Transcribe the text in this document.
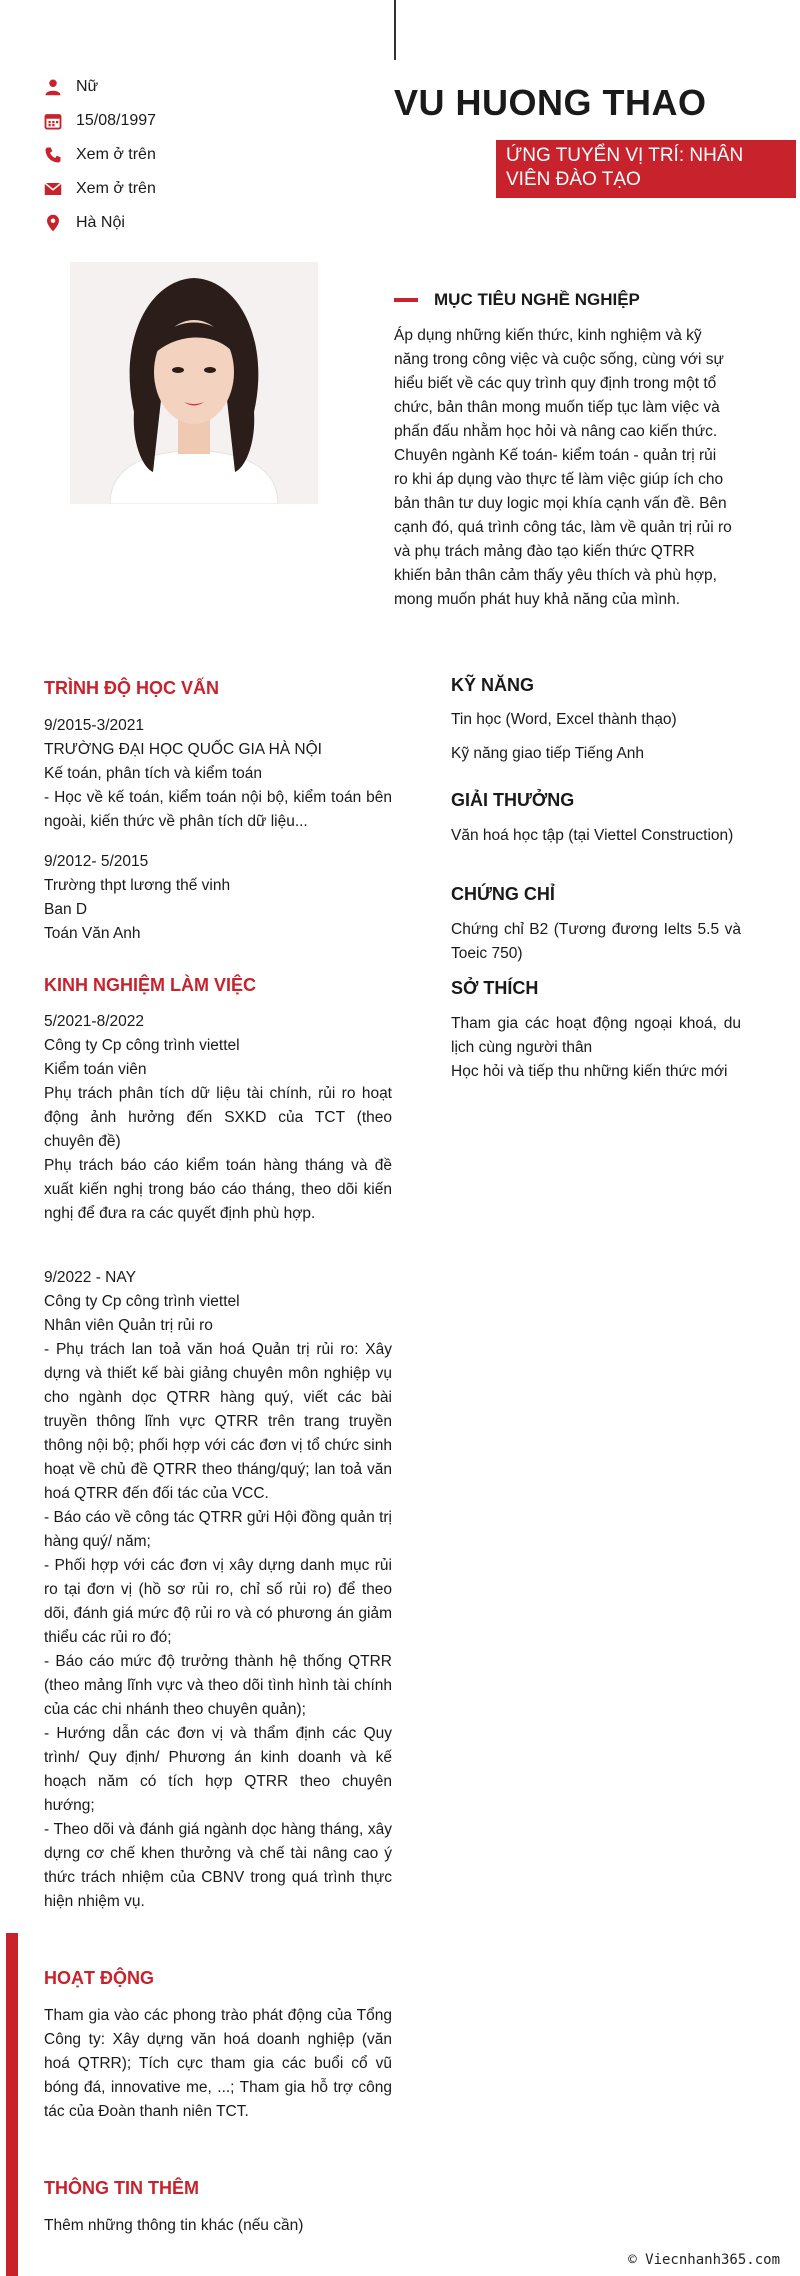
Nữ
15/08/1997
Xem ở trên
Xem ở trên
Hà Nội
VU HUONG THAO
ỨNG TUYỂN VỊ TRÍ: NHÂN VIÊN ĐÀO TẠO
MỤC TIÊU NGHỀ NGHIỆP
Áp dụng những kiến thức, kinh nghiệm và kỹ năng trong công việc và cuộc sống, cùng với sự hiểu biết về các quy trình quy định trong một tổ chức, bản thân mong muốn tiếp tục làm việc và phấn đấu nhằm học hỏi và nâng cao kiến thức.
Chuyên ngành Kế toán- kiểm toán - quản trị rủi ro khi áp dụng vào thực tế làm việc giúp ích cho bản thân tư duy logic mọi khía cạnh vấn đề. Bên cạnh đó, quá trình công tác, làm về quản trị rủi ro và phụ trách mảng đào tạo kiến thức QTRR khiến bản thân cảm thấy yêu thích và phù hợp, mong muốn phát huy khả năng của mình.
TRÌNH ĐỘ HỌC VẤN
9/2015-3/2021
TRƯỜNG ĐẠI HỌC QUỐC GIA HÀ NỘI
Kế toán, phân tích và kiểm toán
- Học về kế toán, kiểm toán nội bộ, kiểm toán bên ngoài, kiến thức về phân tích dữ liệu...
9/2012- 5/2015
Trường thpt lương thế vinh
Ban D
Toán Văn Anh
KINH NGHIỆM LÀM VIỆC
5/2021-8/2022
Công ty Cp công trình viettel
Kiểm toán viên
Phụ trách phân tích dữ liệu tài chính, rủi ro hoạt động ảnh hưởng đến SXKD của TCT (theo chuyên đề)
Phụ trách báo cáo kiểm toán hàng tháng và đề xuất kiến nghị trong báo cáo tháng, theo dõi kiến nghị để đưa ra các quyết định phù hợp.
9/2022 - NAY
Công ty Cp công trình viettel
Nhân viên Quản trị rủi ro
- Phụ trách lan toả văn hoá Quản trị rủi ro: Xây dựng và thiết kế bài giảng chuyên môn nghiệp vụ cho ngành dọc QTRR hàng quý, viết các bài truyền thông lĩnh vực QTRR trên trang truyền thông nội bộ; phối hợp với các đơn vị tổ chức sinh hoạt về chủ đề QTRR theo tháng/quý; lan toả văn hoá QTRR đến đối tác của VCC.
- Báo cáo về công tác QTRR gửi Hội đồng quản trị hàng quý/ năm;
- Phối hợp với các đơn vị xây dựng danh mục rủi ro tại đơn vị (hồ sơ rủi ro, chỉ số rủi ro) để theo dõi, đánh giá mức độ rủi ro và có phương án giảm thiểu các rủi ro đó;
- Báo cáo mức độ trưởng thành hệ thống QTRR (theo mảng lĩnh vực và theo dõi tình hình tài chính của các chi nhánh theo chuyên quản);
- Hướng dẫn các đơn vị và thẩm định các Quy trình/ Quy định/ Phương án kinh doanh và kế hoạch năm có tích hợp QTRR theo chuyên hướng;
- Theo dõi và đánh giá ngành dọc hàng tháng, xây dựng cơ chế khen thưởng và chế tài nâng cao ý thức trách nhiệm của CBNV trong quá trình thực hiện nhiệm vụ.
HOẠT ĐỘNG
Tham gia vào các phong trào phát động của Tổng Công ty: Xây dựng văn hoá doanh nghiệp (văn hoá QTRR); Tích cực tham gia các buổi cổ vũ bóng đá, innovative me, ...; Tham gia hỗ trợ công tác của Đoàn thanh niên TCT.
THÔNG TIN THÊM
Thêm những thông tin khác (nếu cần)
KỸ NĂNG
Tin học (Word, Excel thành thạo)
Kỹ năng giao tiếp Tiếng Anh
GIẢI THƯỞNG
Văn hoá học tập (tại Viettel Construction)
CHỨNG CHỈ
Chứng chỉ B2 (Tương đương Ielts 5.5 và Toeic 750)
SỞ THÍCH
Tham gia các hoạt động ngoại khoá, du lịch cùng người thân
Học hỏi và tiếp thu những kiến thức mới
© Viecnhanh365.com
